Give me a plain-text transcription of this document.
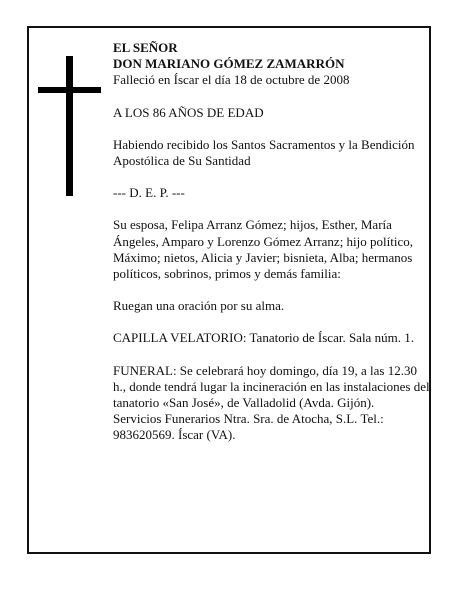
EL SEÑOR

DON MARIANO GÓMEZ ZAMARRÓN

Falleció en Íscar el día 18 de octubre de 2008

A LOS 86 AÑOS DE EDAD

Habiendo recibido los Santos Sacramentos y la Bendición Apostólica de Su Santidad

--- D. E. P. ---

Su esposa, Felipa Arranz Gómez; hijos, Esther, María Ángeles, Amparo y Lorenzo Gómez Arranz; hijo político, Máximo; nietos, Alicia y Javier; bisnieta, Alba; hermanos políticos, sobrinos, primos y demás familia:

Ruegan una oración por su alma.

CAPILLA VELATORIO: Tanatorio de Íscar. Sala núm. 1.

FUNERAL: Se celebrará hoy domingo, día 19, a las 12.30 h., donde tendrá lugar la incineración en las instalaciones del tanatorio «San José», de Valladolid (Avda. Gijón).

Servicios Funerarios Ntra. Sra. de Atocha, S.L. Tel.: 983620569. Íscar (VA).
